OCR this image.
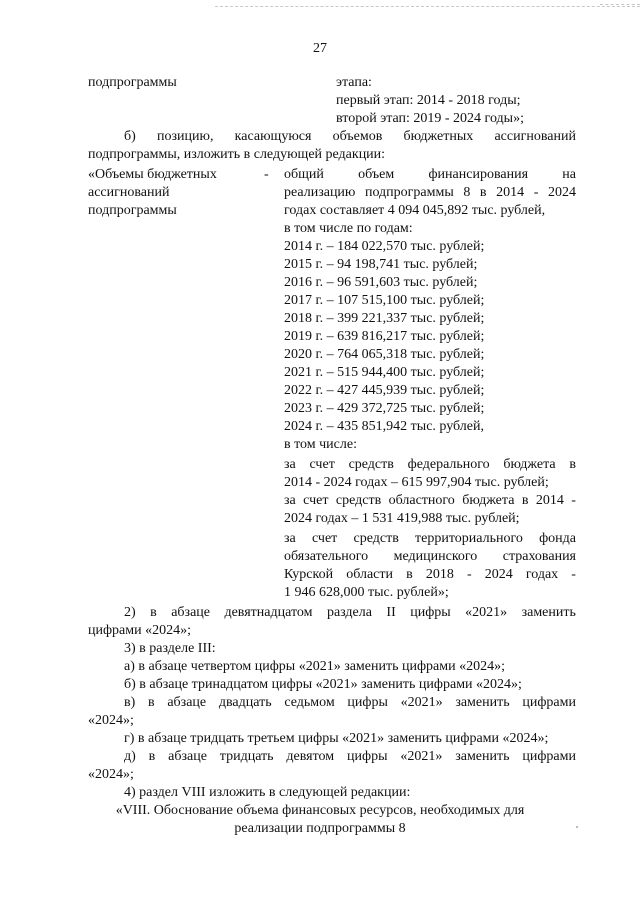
27
подпрограммы	этапа:
первый этап: 2014 - 2018 годы;
второй этап: 2019 - 2024 годы»;
б) позицию, касающуюся объемов бюджетных ассигнований
подпрограммы, изложить в следующей редакции:
«Объемы бюджетных
ассигнований
подпрограммы
- общий объем финансирования на
реализацию подпрограммы 8 в 2014 - 2024
годах составляет 4 094 045,892 тыс. рублей,
в том числе по годам:
2014 г. – 184 022,570 тыс. рублей;
2015 г. – 94 198,741 тыс. рублей;
2016 г. – 96 591,603 тыс. рублей;
2017 г. – 107 515,100 тыс. рублей;
2018 г. – 399 221,337 тыс. рублей;
2019 г. – 639 816,217 тыс. рублей;
2020 г. – 764 065,318 тыс. рублей;
2021 г. – 515 944,400 тыс. рублей;
2022 г. – 427 445,939 тыс. рублей;
2023 г. – 429 372,725 тыс. рублей;
2024 г. – 435 851,942 тыс. рублей,
в том числе:
за счет средств федерального бюджета в
2014 - 2024 годах – 615 997,904 тыс. рублей;
за счет средств областного бюджета в 2014 -
2024 годах – 1 531 419,988 тыс. рублей;
за счет средств территориального фонда
обязательного медицинского страхования
Курской области в 2018 - 2024 годах -
1 946 628,000 тыс. рублей»;
2) в абзаце девятнадцатом раздела II цифры «2021» заменить
цифрами «2024»;
3) в разделе III:
а) в абзаце четвертом цифры «2021» заменить цифрами «2024»;
б) в абзаце тринадцатом цифры «2021» заменить цифрами «2024»;
в) в абзаце двадцать седьмом цифры «2021» заменить цифрами
«2024»;
г) в абзаце тридцать третьем цифры «2021» заменить цифрами «2024»;
д) в абзаце тридцать девятом цифры «2021» заменить цифрами
«2024»;
4) раздел VIII изложить в следующей редакции:
«VIII. Обоснование объема финансовых ресурсов, необходимых для
реализации подпрограммы 8
